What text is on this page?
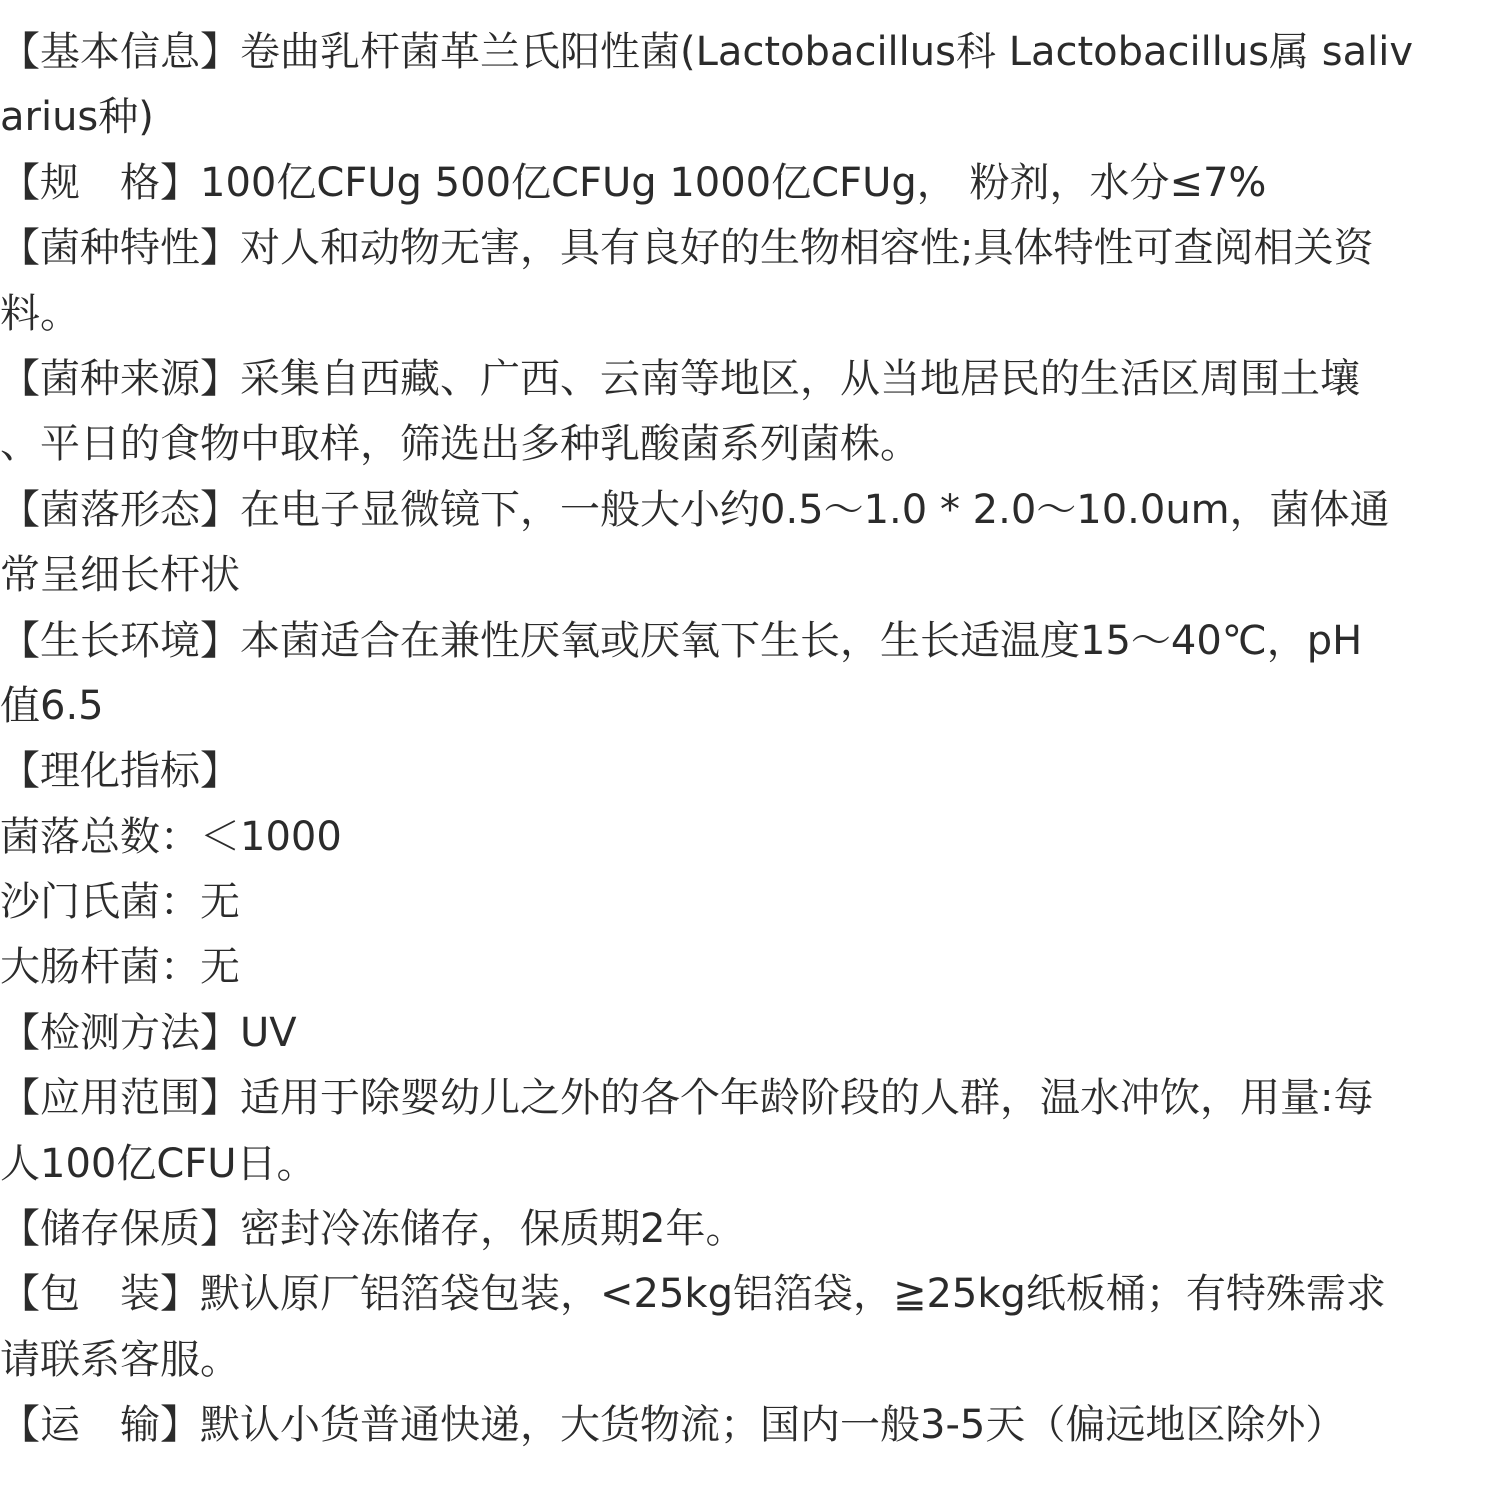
【基本信息】卷曲乳杆菌革兰氏阳性菌(Lactobacillus科 Lactobacillus属 saliv
arius种)
【规　格】100亿CFUg 500亿CFUg 1000亿CFUg， 粉剂，水分≤7%
【菌种特性】对人和动物无害，具有良好的生物相容性;具体特性可查阅相关资
料。
【菌种来源】采集自西藏、广西、云南等地区，从当地居民的生活区周围土壤
、平日的食物中取样，筛选出多种乳酸菌系列菌株。
【菌落形态】在电子显微镜下，一般大小约0.5～1.0 * 2.0～10.0um，菌体通
常呈细长杆状
【生长环境】本菌适合在兼性厌氧或厌氧下生长，生长适温度15～40℃，pH
值6.5
【理化指标】
菌落总数：＜1000
沙门氏菌：无
大肠杆菌：无
【检测方法】UV
【应用范围】适用于除婴幼儿之外的各个年龄阶段的人群，温水冲饮，用量:每
人100亿CFU日。
【储存保质】密封冷冻储存，保质期2年。
【包　装】默认原厂铝箔袋包装，<25kg铝箔袋，≧25kg纸板桶；有特殊需求
请联系客服。
【运　输】默认小货普通快递，大货物流；国内一般3-5天（偏远地区除外）
